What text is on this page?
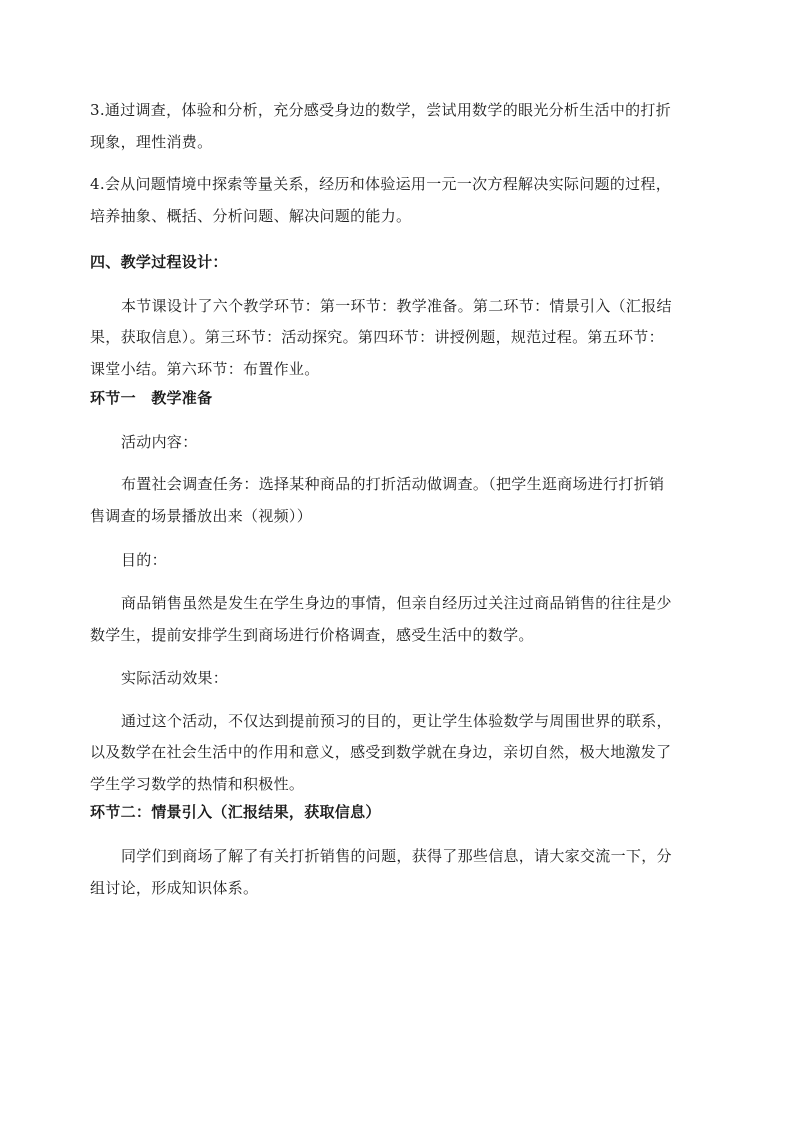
3.通过调查，体验和分析，充分感受身边的数学，尝试用数学的眼光分析生活中的打折
现象，理性消费。
4.会从问题情境中探索等量关系，经历和体验运用一元一次方程解决实际问题的过程，
培养抽象、概括、分析问题、解决问题的能力。
四、教学过程设计：
本节课设计了六个教学环节：第一环节：教学准备。第二环节：情景引入（汇报结
果，获取信息）。第三环节：活动探究。第四环节：讲授例题，规范过程。第五环节：
课堂小结。第六环节：布置作业。
环节一　教学准备
活动内容：
布置社会调查任务：选择某种商品的打折活动做调查。（把学生逛商场进行打折销
售调查的场景播放出来（视频））
目的：
商品销售虽然是发生在学生身边的事情，但亲自经历过关注过商品销售的往往是少
数学生，提前安排学生到商场进行价格调查，感受生活中的数学。
实际活动效果：
通过这个活动，不仅达到提前预习的目的，更让学生体验数学与周围世界的联系，
以及数学在社会生活中的作用和意义，感受到数学就在身边，亲切自然，极大地激发了
学生学习数学的热情和积极性。
环节二：情景引入（汇报结果，获取信息）
同学们到商场了解了有关打折销售的问题，获得了那些信息，请大家交流一下，分
组讨论，形成知识体系。
